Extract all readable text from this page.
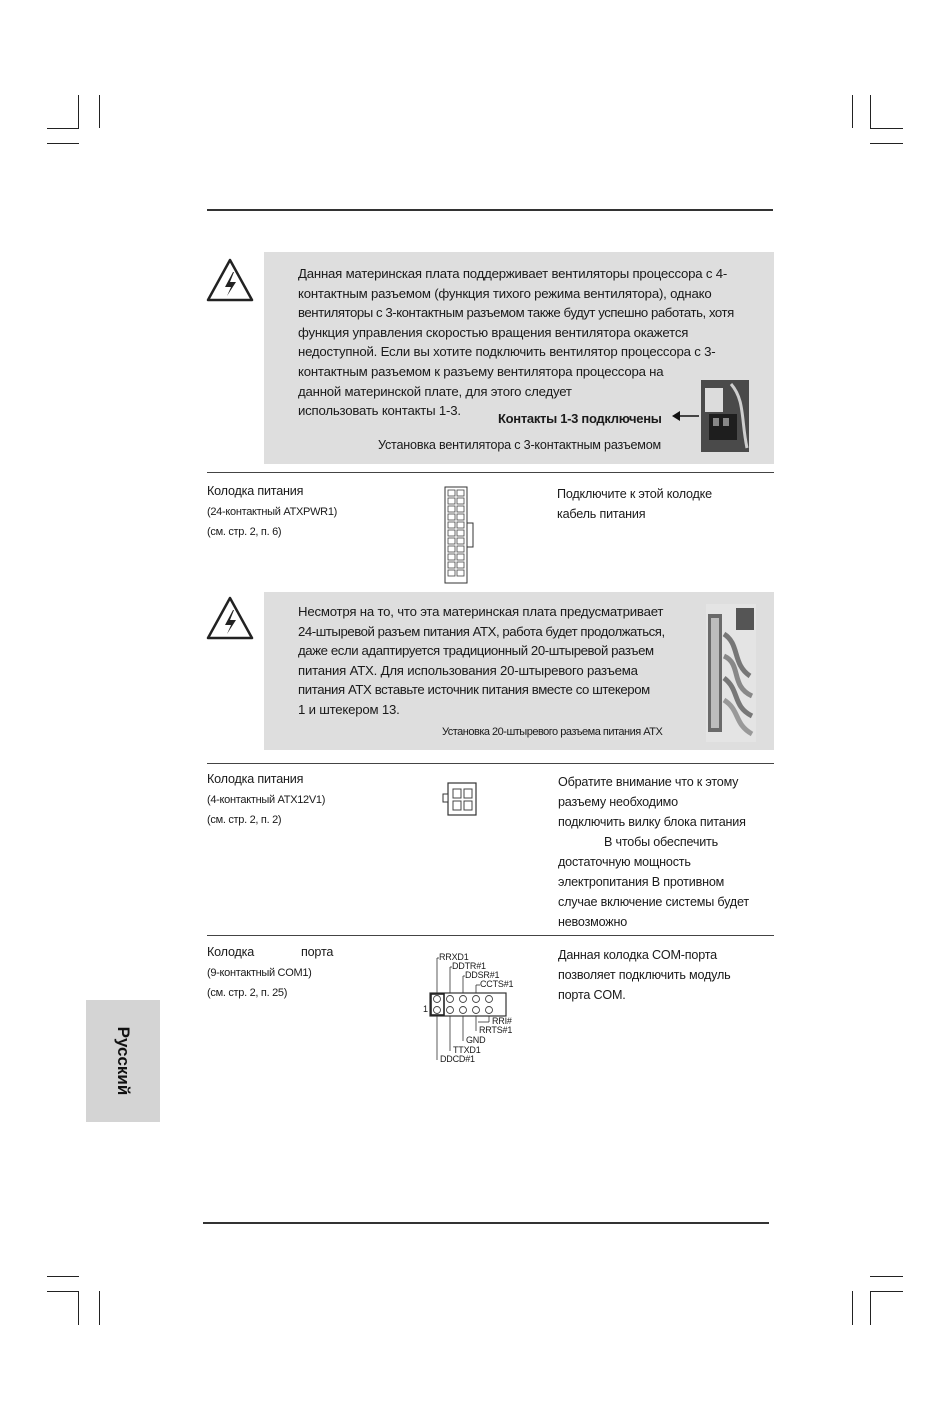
Данная материнская плата поддерживает вентиляторы процессора с 4-
контактным разъемом (функция тихого режима вентилятора), однако
вентиляторы с 3-контактным разъемом также будут успешно работать, хотя
функция управления скоростью вращения вентилятора окажется
недоступной. Если вы хотите подключить вентилятор процессора с 3-
контактным разъемом к разъему вентилятора процессора на
данной материнской плате, для этого следует
использовать контакты 1-3.
Контакты 1-3 подключены
Установка вентилятора с 3-контактным разъемом
Колодка питания
(24-контактный ATXPWR1)
(см. стр. 2, п. 6)
Подключите к этой колодке
кабель питания
Несмотря на то, что эта материнская плата предусматривает
24-штыревой разъем питания ATX, работа будет продолжаться,
даже если адаптируется традиционный 20-штыревой разъем
питания ATX. Для использования 20-штыревого разъема
питания ATX вставьте источник питания вместе со штекером
1 и штекером 13.
Установка 20-штыревого разъема питания ATX
Колодка питания
(4-контактный ATX12V1)
(см. стр. 2, п. 2)
Обратите внимание что к этому
разъему необходимо
подключить вилку блока питания
В чтобы обеспечить
достаточную мощность
электропитания В противном
случае включение системы будет
невозможно
Колодка	порта
(9-контактный COM1)
(см. стр. 2, п. 25)
RRXD1
DDTR#1
DDSR#1
CCTS#1
1
RRI#
RRTS#1
GND
TTXD1
DDCD#1
Данная колодка COM-порта
позволяет подключить модуль
порта COM.
Русский
